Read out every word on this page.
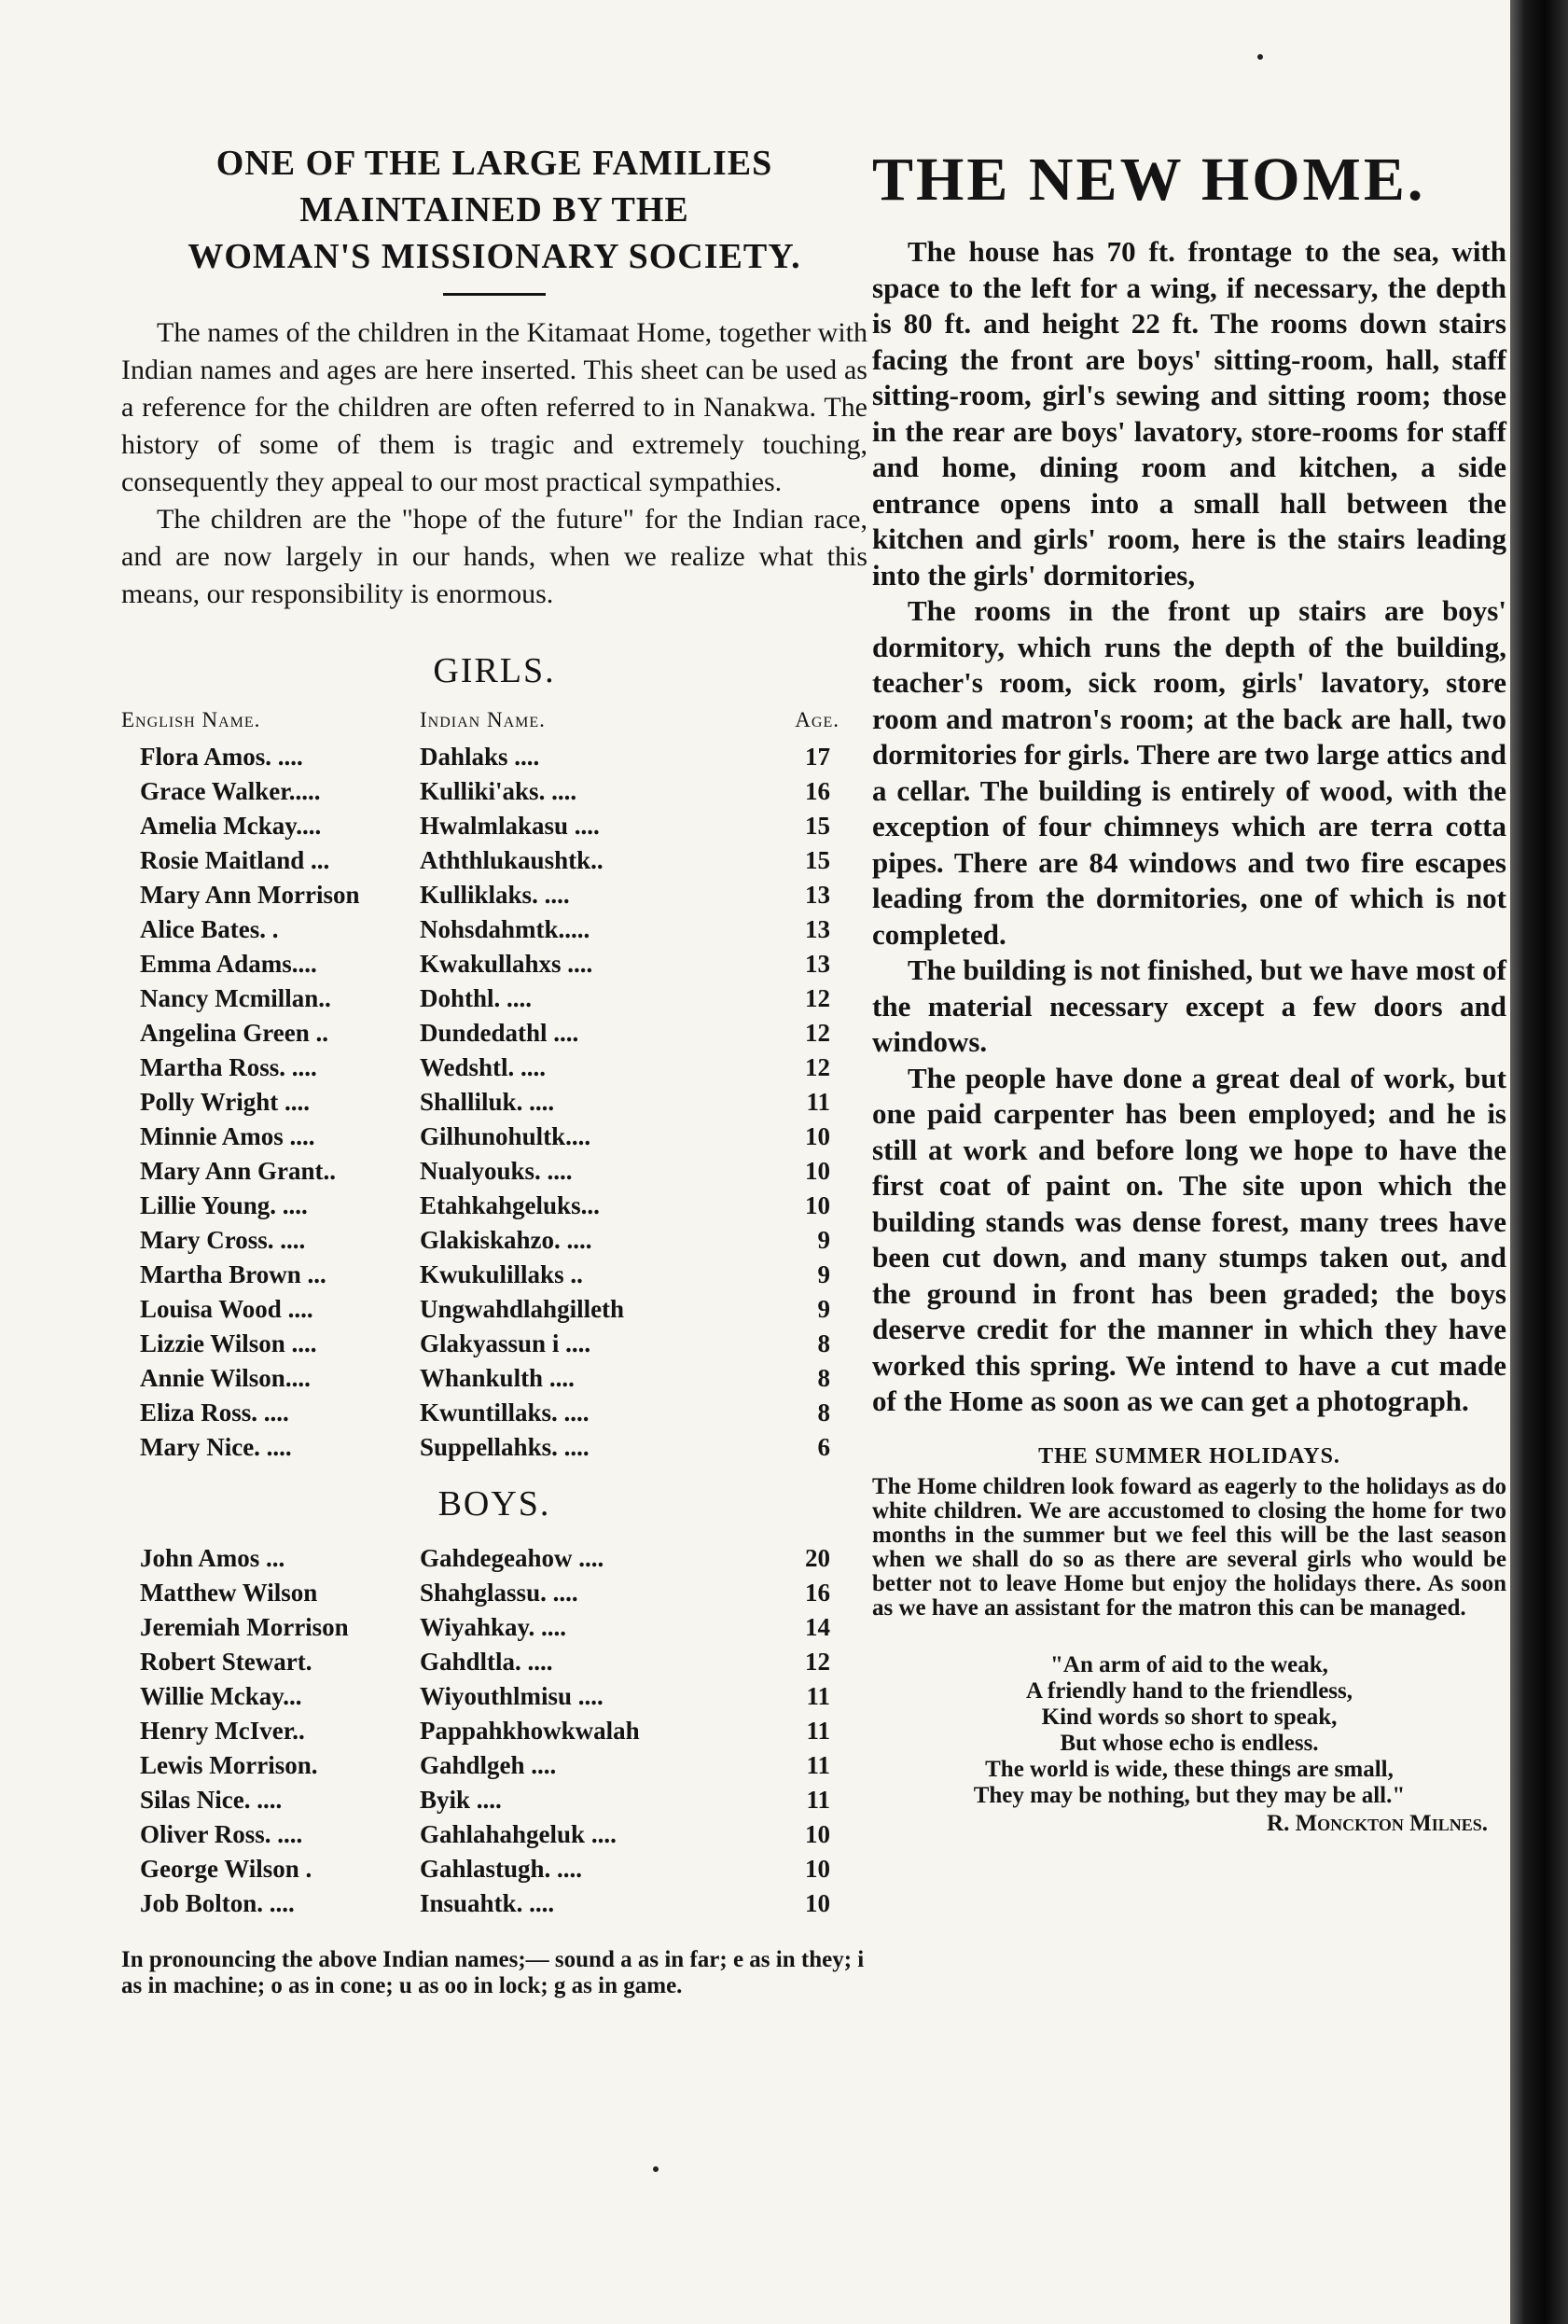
ONE OF THE LARGE FAMILIES
MAINTAINED BY THE
WOMAN'S MISSIONARY SOCIETY.

The names of the children in the Kitamaat Home, together with Indian names and ages are here inserted. This sheet can be used as a reference for the children are often referred to in Nanakwa. The history of some of them is tragic and extremely touching, consequently they appeal to our most practical sympathies.

The children are the "hope of the future" for the Indian race, and are now largely in our hands, when we realize what this means, our responsibility is enormous.

GIRLS.
English Name.	Indian Name.	Age.
Flora Amos. ....	Dahlaks ....	17
Grace Walker.....	Kulliki'aks. ....	16
Amelia Mckay....	Hwalmlakasu ....	15
Rosie Maitland ...	Aththlukaushtk..	15
Mary Ann Morrison	Kulliklaks. ....	13
Alice Bates. .	Nohsdahmtk.....	13
Emma Adams....	Kwakullahxs ....	13
Nancy Mcmillan..	Dohthl. ....	12
Angelina Green ..	Dundedathl ....	12
Martha Ross. ....	Wedshtl. ....	12
Polly Wright ....	Shalliluk. ....	11
Minnie Amos ....	Gilhunohultk....	10
Mary Ann Grant..	Nualyouks. ....	10
Lillie Young. ....	Etahkahgeluks...	10
Mary Cross. ....	Glakiskahzo. ....	9
Martha Brown ...	Kwukulillaks ..	9
Louisa Wood ....	Ungwahdlahgilleth	9
Lizzie Wilson ....	Glakyassun i ....	8
Annie Wilson....	Whankulth ....	8
Eliza Ross. ....	Kwuntillaks. ....	8
Mary Nice. ....	Suppellahks. ....	6
BOYS.
John Amos ...	Gahdegeahow ....	20
Matthew Wilson	Shahglassu. ....	16
Jeremiah Morrison	Wiyahkay. ....	14
Robert Stewart.	Gahdltla. ....	12
Willie Mckay...	Wiyouthlmisu ....	11
Henry McIver..	Pappahkhowkwalah	11
Lewis Morrison.	Gahdlgeh ....	11
Silas Nice. ....	Byik ....	11
Oliver Ross. ....	Gahlahahgeluk ....	10
George Wilson .	Gahlastugh. ....	10
Job Bolton. ....	Insuahtk. ....	10
In pronouncing the above Indian names;— sound a as in far; e as in they; i as in machine; o as in cone; u as oo in lock; g as in game.
THE NEW HOME.

The house has 70 ft. frontage to the sea, with space to the left for a wing, if necessary, the depth is 80 ft. and height 22 ft. The rooms down stairs facing the front are boys' sitting-room, hall, staff sitting-room, girl's sewing and sitting room; those in the rear are boys' lavatory, store-rooms for staff and home, dining room and kitchen, a side entrance opens into a small hall between the kitchen and girls' room, here is the stairs leading into the girls' dormitories,

The rooms in the front up stairs are boys' dormitory, which runs the depth of the building, teacher's room, sick room, girls' lavatory, store room and matron's room; at the back are hall, two dormitories for girls. There are two large attics and a cellar. The building is entirely of wood, with the exception of four chimneys which are terra cotta pipes. There are 84 windows and two fire escapes leading from the dormitories, one of which is not completed.

The building is not finished, but we have most of the material necessary except a few doors and windows.

The people have done a great deal of work, but one paid carpenter has been employed; and he is still at work and before long we hope to have the first coat of paint on. The site upon which the building stands was dense forest, many trees have been cut down, and many stumps taken out, and the ground in front has been graded; the boys deserve credit for the manner in which they have worked this spring. We intend to have a cut made of the Home as soon as we can get a photograph.

THE SUMMER HOLIDAYS.

The Home children look foward as eagerly to the holidays as do white children. We are accustomed to closing the home for two months in the summer but we feel this will be the last season when we shall do so as there are several girls who would be better not to leave Home but enjoy the holidays there. As soon as we have an assistant for the matron this can be managed.

"An arm of aid to the weak,
A friendly hand to the friendless,
Kind words so short to speak,
But whose echo is endless.
The world is wide, these things are small,
They may be nothing, but they may be all."
R. Monckton Milnes.
